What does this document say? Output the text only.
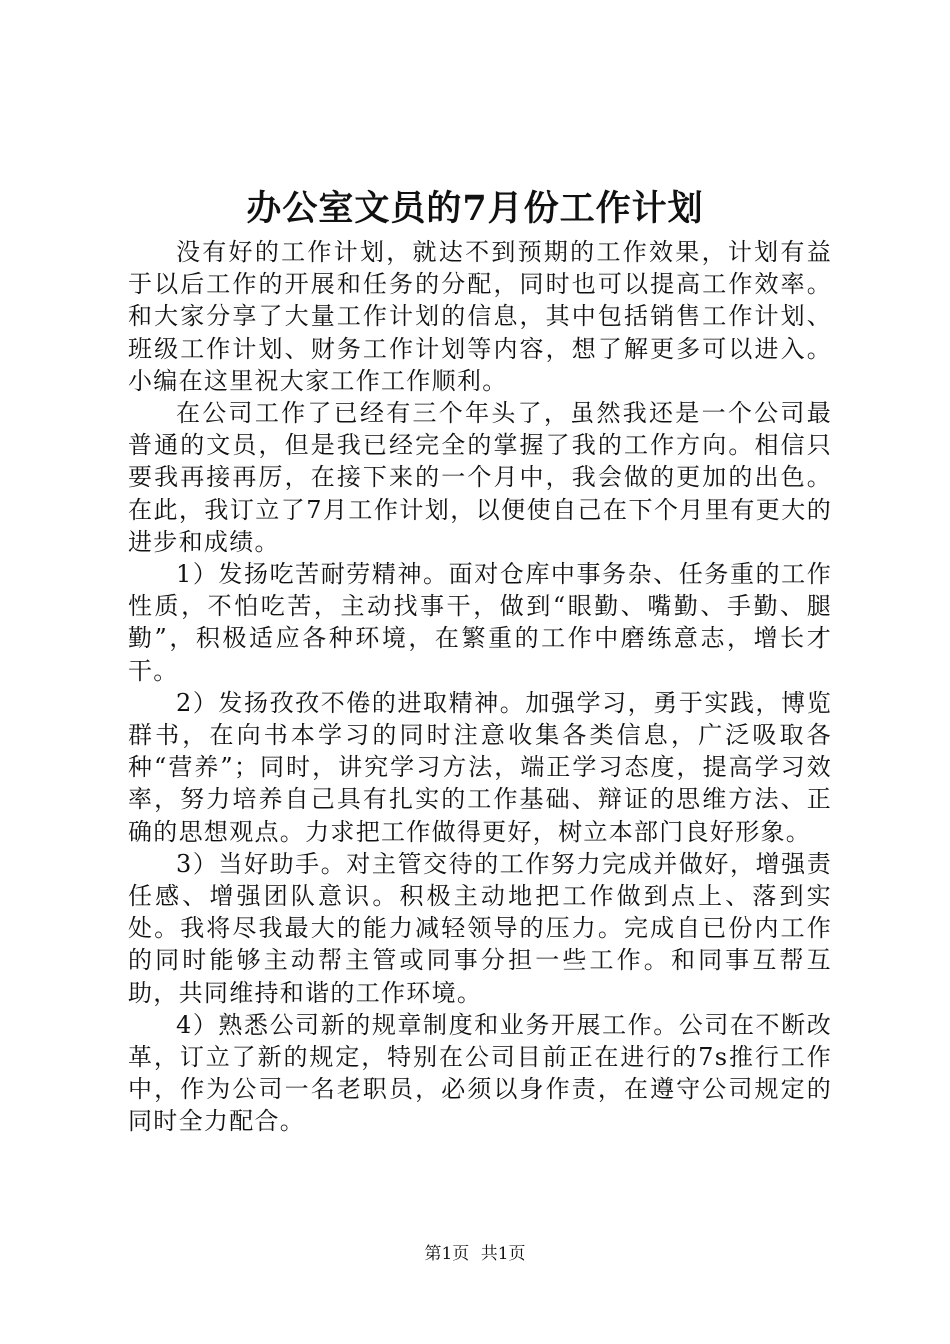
办公室文员的7月份工作计划

没有好的工作计划，就达不到预期的工作效果，计划有益于以后工作的开展和任务的分配，同时也可以提高工作效率。和大家分享了大量工作计划的信息，其中包括销售工作计划、班级工作计划、财务工作计划等内容，想了解更多可以进入。小编在这里祝大家工作工作顺利。

在公司工作了已经有三个年头了，虽然我还是一个公司最普通的文员，但是我已经完全的掌握了我的工作方向。相信只要我再接再厉，在接下来的一个月中，我会做的更加的出色。在此，我订立了7月工作计划，以便使自己在下个月里有更大的进步和成绩。

1）发扬吃苦耐劳精神。面对仓库中事务杂、任务重的工作性质，不怕吃苦，主动找事干，做到“眼勤、嘴勤、手勤、腿勤”，积极适应各种环境，在繁重的工作中磨练意志，增长才干。

2）发扬孜孜不倦的进取精神。加强学习，勇于实践，博览群书，在向书本学习的同时注意收集各类信息，广泛吸取各种“营养”；同时，讲究学习方法，端正学习态度，提高学习效率，努力培养自己具有扎实的工作基础、辩证的思维方法、正确的思想观点。力求把工作做得更好，树立本部门良好形象。

3）当好助手。对主管交待的工作努力完成并做好，增强责任感、增强团队意识。积极主动地把工作做到点上、落到实处。我将尽我最大的能力减轻领导的压力。完成自已份内工作的同时能够主动帮主管或同事分担一些工作。和同事互帮互助，共同维持和谐的工作环境。

4）熟悉公司新的规章制度和业务开展工作。公司在不断改革，订立了新的规定，特别在公司目前正在进行的7s推行工作中，作为公司一名老职员，必须以身作责，在遵守公司规定的同时全力配合。

第1页 共1页
